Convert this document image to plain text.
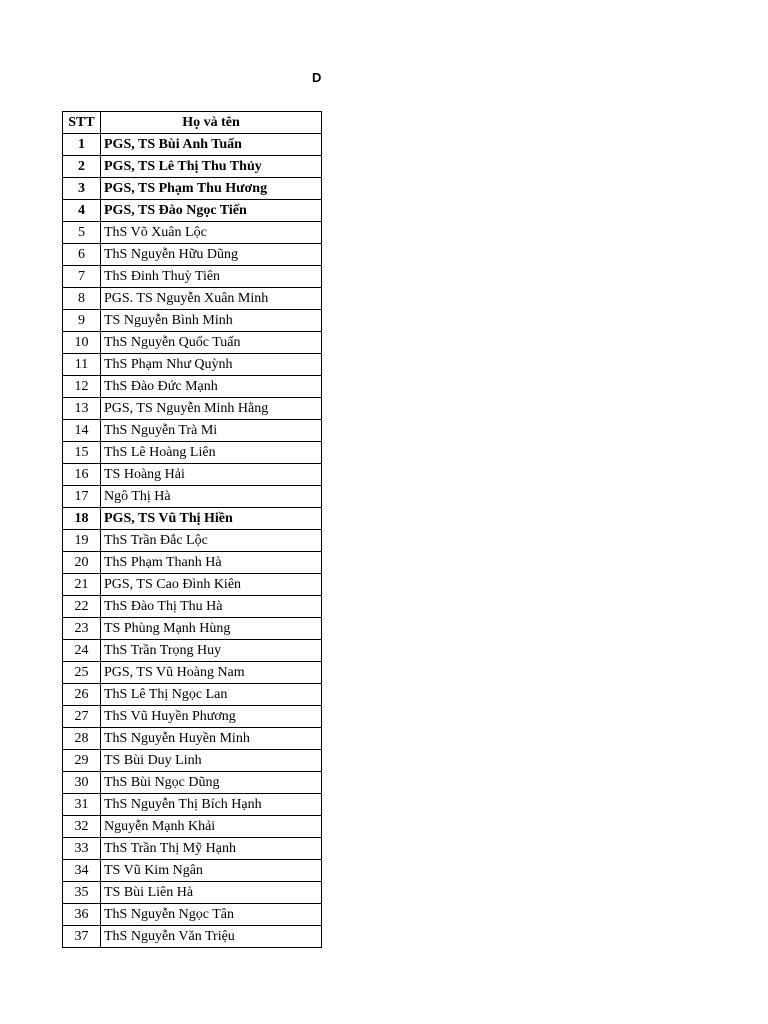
D
STT	Họ và tên
1	PGS, TS Bùi Anh Tuấn
2	PGS, TS Lê Thị Thu Thủy
3	PGS, TS Phạm Thu Hương
4	PGS, TS Đào Ngọc Tiến
5	ThS Võ Xuân Lộc
6	ThS Nguyễn Hữu Dũng
7	ThS Đinh Thuỳ Tiên
8	PGS. TS Nguyễn Xuân Minh
9	TS Nguyễn Bình Minh
10	ThS Nguyễn Quốc Tuấn
11	ThS Phạm Như Quỳnh
12	ThS Đào Đức Mạnh
13	PGS, TS Nguyễn Minh Hằng
14	ThS Nguyễn Trà Mi
15	ThS Lê Hoàng Liên
16	TS Hoàng Hải
17	Ngô Thị Hà
18	PGS, TS Vũ Thị Hiền
19	ThS Trần Đắc Lộc
20	ThS Phạm Thanh Hà
21	PGS, TS Cao Đình Kiên
22	ThS Đào Thị Thu Hà
23	TS Phùng Mạnh Hùng
24	ThS Trần Trọng Huy
25	PGS, TS Vũ Hoàng Nam
26	ThS Lê Thị Ngọc Lan
27	ThS Vũ Huyền Phương
28	ThS Nguyễn Huyền Minh
29	TS Bùi Duy Linh
30	ThS Bùi Ngọc Dũng
31	ThS Nguyễn Thị Bích Hạnh
32	Nguyễn Mạnh Khải
33	ThS Trần Thị Mỹ Hạnh
34	TS Vũ Kim Ngân
35	TS Bùi Liên Hà
36	ThS Nguyễn Ngọc Tân
37	ThS Nguyễn Văn Triệu
